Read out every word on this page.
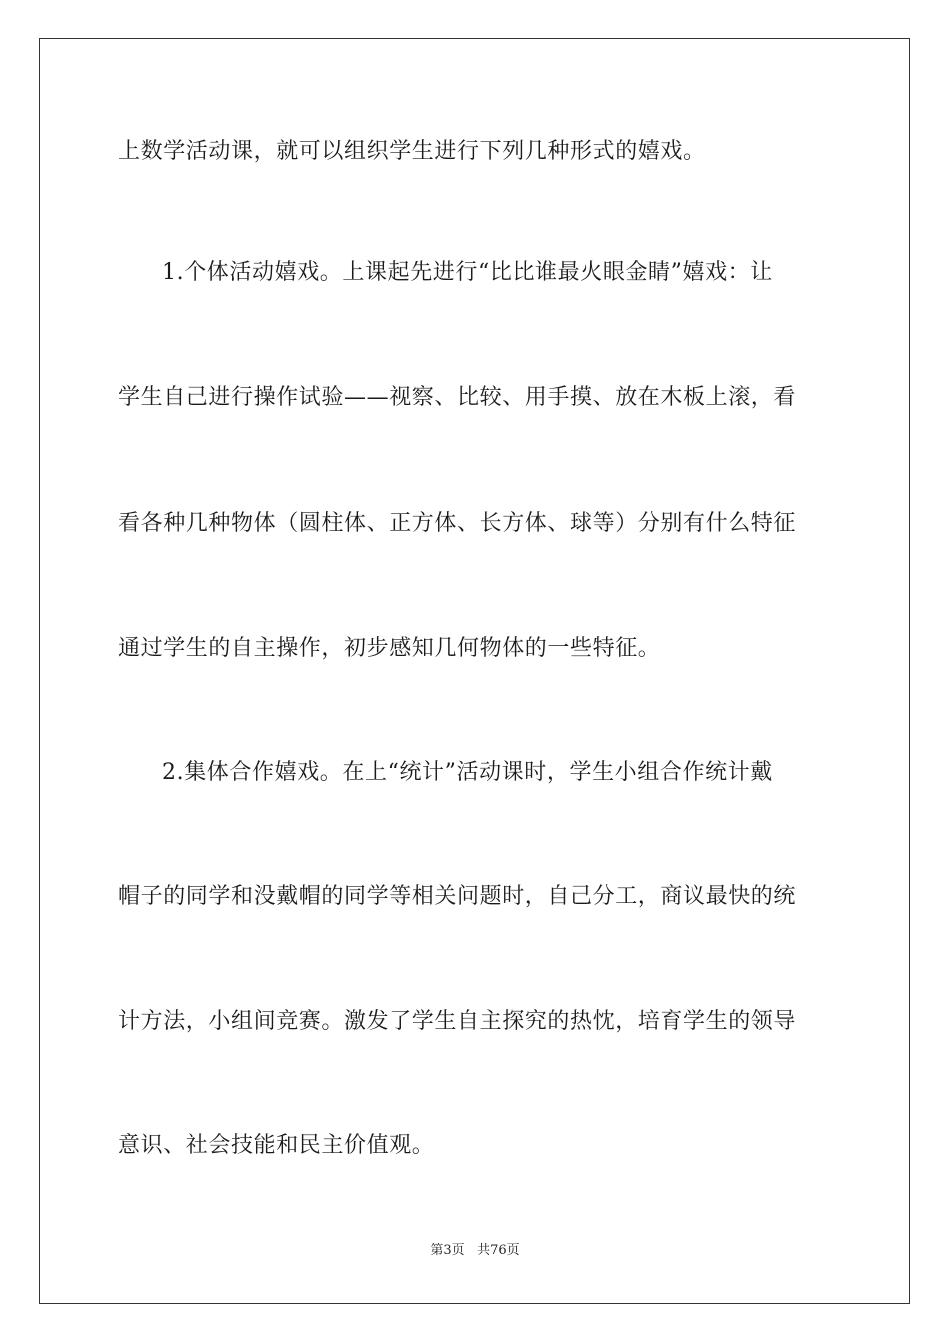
上数学活动课，就可以组织学生进行下列几种形式的嬉戏。
1.个体活动嬉戏。上课起先进行“比比谁最火眼金睛”嬉戏：让
学生自己进行操作试验——视察、比较、用手摸、放在木板上滚，看
看各种几种物体（圆柱体、正方体、长方体、球等）分别有什么特征
通过学生的自主操作，初步感知几何物体的一些特征。
2.集体合作嬉戏。在上“统计”活动课时，学生小组合作统计戴
帽子的同学和没戴帽的同学等相关问题时，自己分工，商议最快的统
计方法，小组间竞赛。激发了学生自主探究的热忱，培育学生的领导
意识、社会技能和民主价值观。
第3页 共76页
